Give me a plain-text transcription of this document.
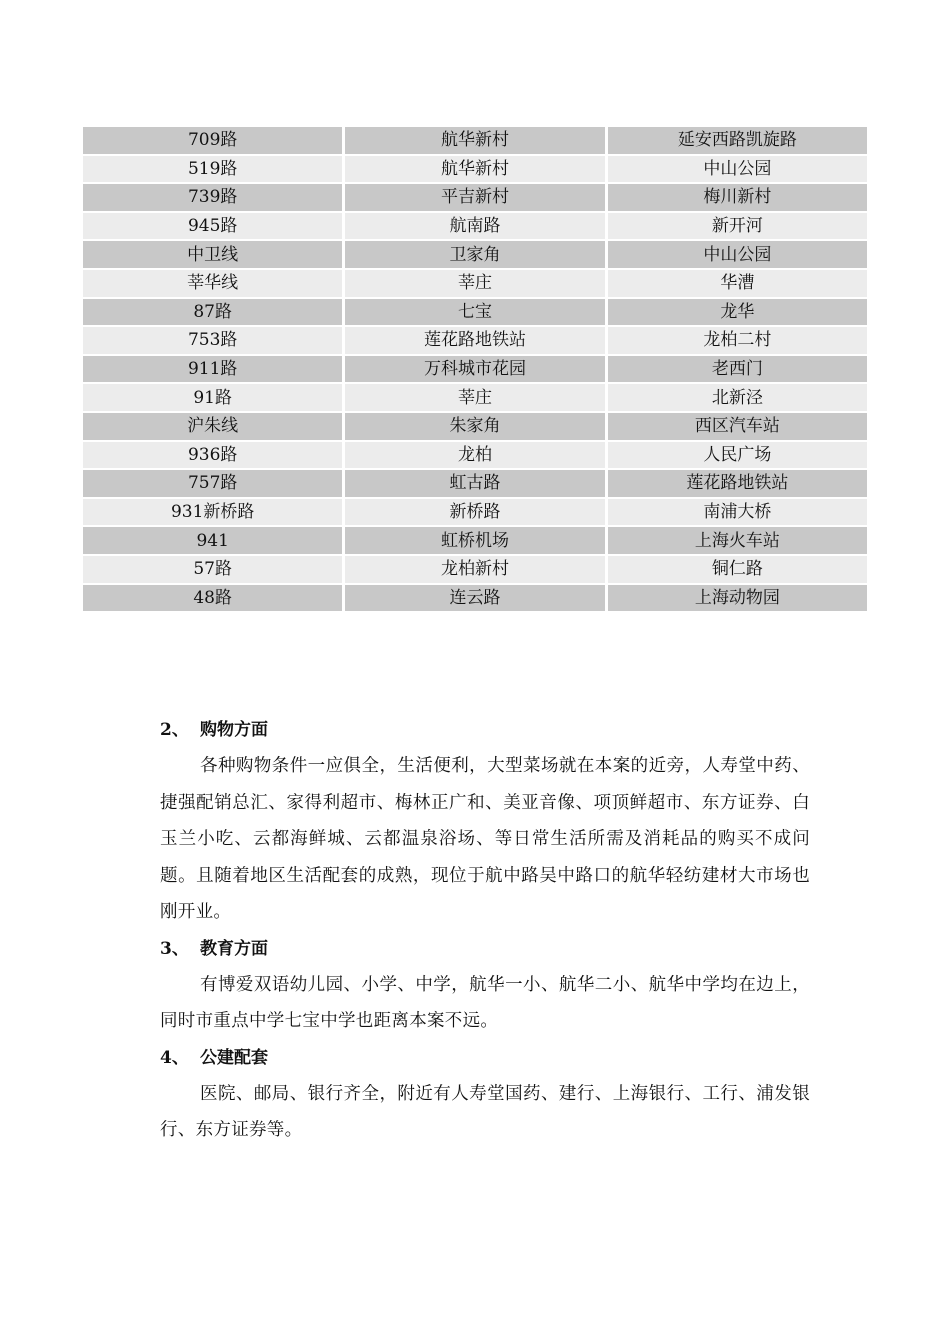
709路	航华新村	延安西路凯旋路
519路	航华新村	中山公园
739路	平吉新村	梅川新村
945路	航南路	新开河
中卫线	卫家角	中山公园
莘华线	莘庄	华漕
87路	七宝	龙华
753路	莲花路地铁站	龙柏二村
911路	万科城市花园	老西门
91路	莘庄	北新泾
沪朱线	朱家角	西区汽车站
936路	龙柏	人民广场
757路	虹古路	莲花路地铁站
931新桥路	新桥路	南浦大桥
941	虹桥机场	上海火车站
57路	龙柏新村	铜仁路
48路	连云路	上海动物园
2、 购物方面

各种购物条件一应俱全，生活便利，大型菜场就在本案的近旁，人寿堂中药、捷强配销总汇、家得利超市、梅林正广和、美亚音像、项顶鲜超市、东方证券、白玉兰小吃、云都海鲜城、云都温泉浴场、等日常生活所需及消耗品的购买不成问题。且随着地区生活配套的成熟，现位于航中路吴中路口的航华轻纺建材大市场也刚开业。

3、 教育方面

有博爱双语幼儿园、小学、中学，航华一小、航华二小、航华中学均在边上，同时市重点中学七宝中学也距离本案不远。

4、 公建配套

医院、邮局、银行齐全，附近有人寿堂国药、建行、上海银行、工行、浦发银行、东方证券等。
